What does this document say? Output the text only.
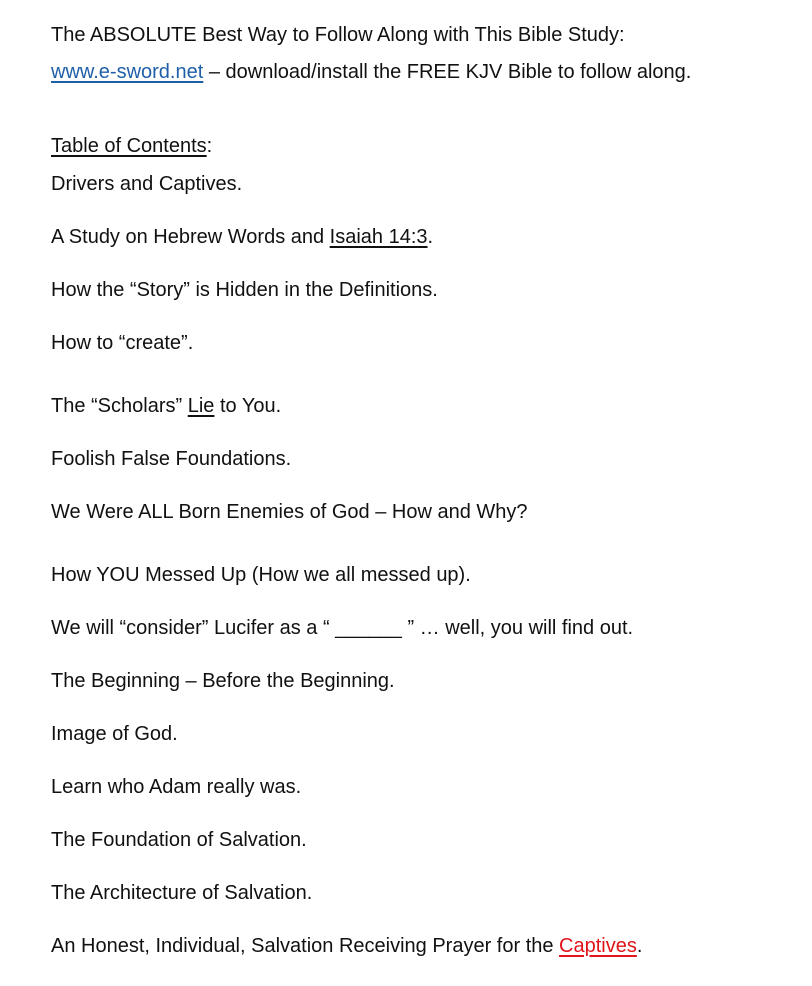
The ABSOLUTE Best Way to Follow Along with This Bible Study:
www.e-sword.net – download/install the FREE KJV Bible to follow along.
Table of Contents:
Drivers and Captives.
A Study on Hebrew Words and Isaiah 14:3.
How the “Story” is Hidden in the Definitions.
How to “create”.
The “Scholars” Lie to You.
Foolish False Foundations.
We Were ALL Born Enemies of God – How and Why?
How YOU Messed Up (How we all messed up).
We will “consider” Lucifer as a “ ______ ” … well, you will find out.
The Beginning – Before the Beginning.
Image of God.
Learn who Adam really was.
The Foundation of Salvation.
The Architecture of Salvation.
An Honest, Individual, Salvation Receiving Prayer for the Captives.
